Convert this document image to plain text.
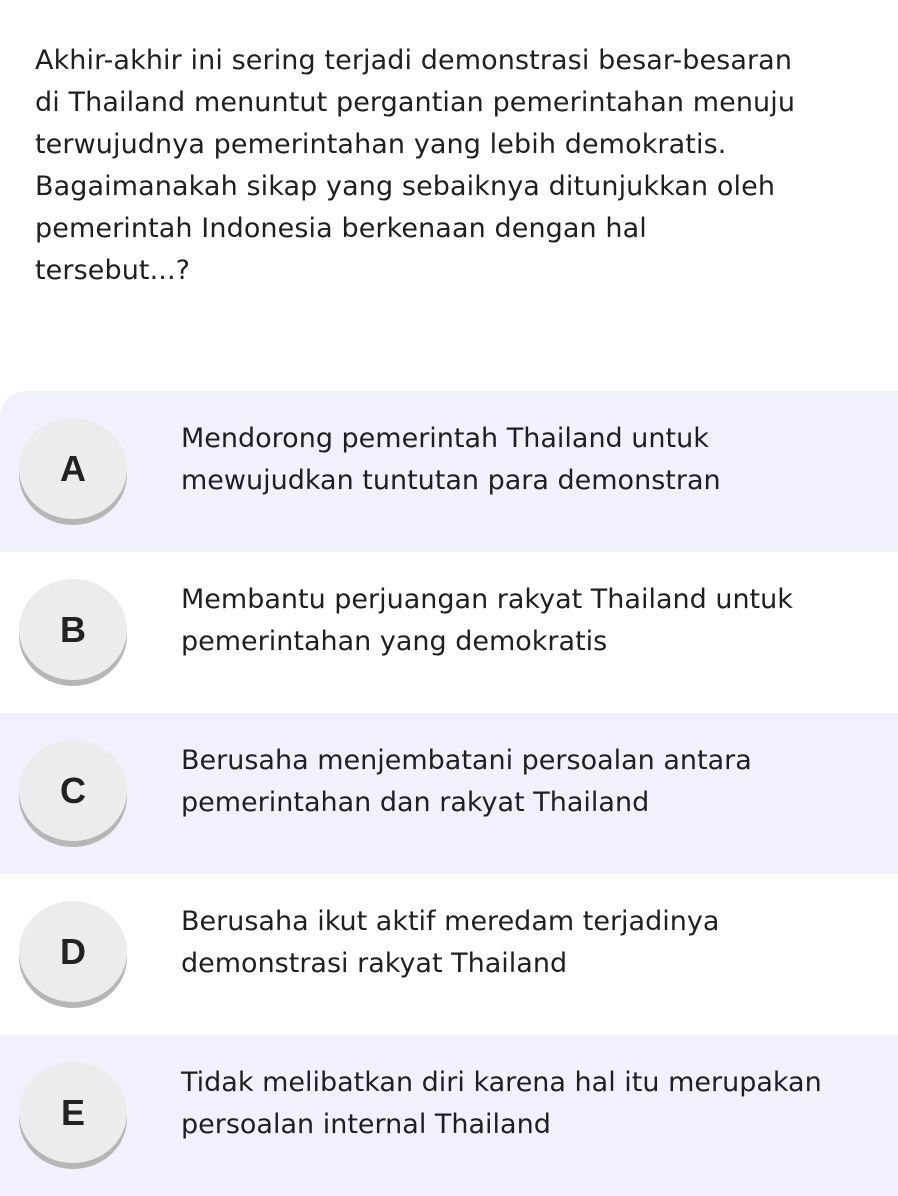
Akhir-akhir ini sering terjadi demonstrasi besar-besaran
di Thailand menuntut pergantian pemerintahan menuju
terwujudnya pemerintahan yang lebih demokratis.
Bagaimanakah sikap yang sebaiknya ditunjukkan oleh
pemerintah Indonesia berkenaan dengan hal
tersebut...?

A
Mendorong pemerintah Thailand untuk
mewujudkan tuntutan para demonstran
B
Membantu perjuangan rakyat Thailand untuk
pemerintahan yang demokratis
C
Berusaha menjembatani persoalan antara
pemerintahan dan rakyat Thailand
D
Berusaha ikut aktif meredam terjadinya
demonstrasi rakyat Thailand
E
Tidak melibatkan diri karena hal itu merupakan
persoalan internal Thailand
